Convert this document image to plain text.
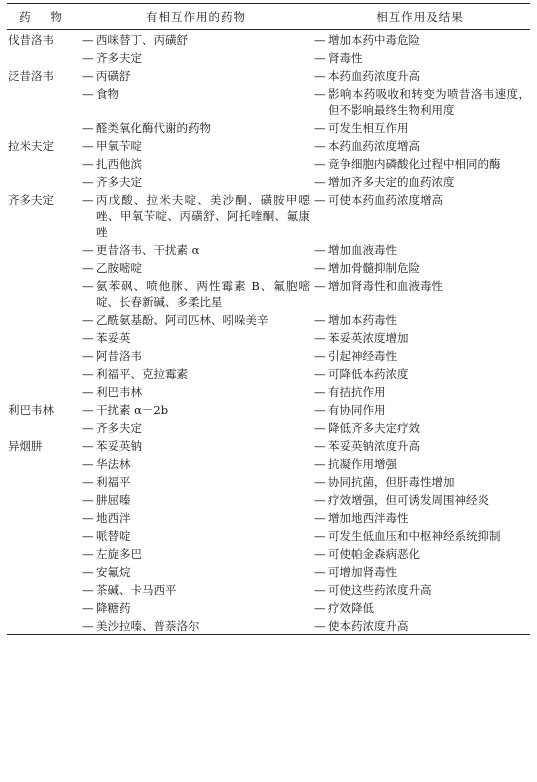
药 物	有相互作用的药物	相互作用及结果
伐昔洛韦	— 西咪替丁、丙磺舒	— 增加本药中毒危险

	— 齐多夫定	— 肾毒性

泛昔洛韦	— 丙磺舒	— 本药血药浓度升高

	— 食物	— 影响本药吸收和转变为喷昔洛韦速度，但不影响最终生物利用度

	— 醛类氧化酶代谢的药物	— 可发生相互作用

拉米夫定	— 甲氧苄啶	— 本药血药浓度增高

	— 扎西他滨	— 竞争细胞内磷酸化过程中相同的酶

	— 齐多夫定	— 增加齐多夫定的血药浓度

齐多夫定	— 丙戊酸、拉米夫啶、美沙酮、磺胺甲噁唑、甲氧苄啶、丙磺舒、阿托喹酮、氟康唑	— 可使本药血药浓度增高

	— 更昔洛韦、干扰素 α	— 增加血液毒性

	— 乙胺嘧啶	— 增加骨髓抑制危险

	— 氨苯砜、喷他脒、两性霉素 B、氟胞嘧啶、长春新碱、多柔比星	— 增加肾毒性和血液毒性

	— 乙酰氨基酚、阿司匹林、吲哚美辛	— 增加本药毒性

	— 苯妥英	— 苯妥英浓度增加

	— 阿昔洛韦	— 引起神经毒性

	— 利福平、克拉霉素	— 可降低本药浓度

	— 利巴韦林	— 有拮抗作用

利巴韦林	— 干扰素 α－2b	— 有协同作用

	— 齐多夫定	— 降低齐多夫定疗效

异烟肼	— 苯妥英钠	— 苯妥英钠浓度升高

	— 华法林	— 抗凝作用增强

	— 利福平	— 协同抗菌，但肝毒性增加

	— 肼屈嗪	— 疗效增强，但可诱发周围神经炎

	— 地西泮	— 增加地西泮毒性

	— 哌替啶	— 可发生低血压和中枢神经系统抑制

	— 左旋多巴	— 可使帕金森病恶化

	— 安氟烷	— 可增加肾毒性

	— 茶碱、卡马西平	— 可使这些药浓度升高

	— 降糖药	— 疗效降低

	— 美沙拉嗪、普萘洛尔	— 使本药浓度升高
